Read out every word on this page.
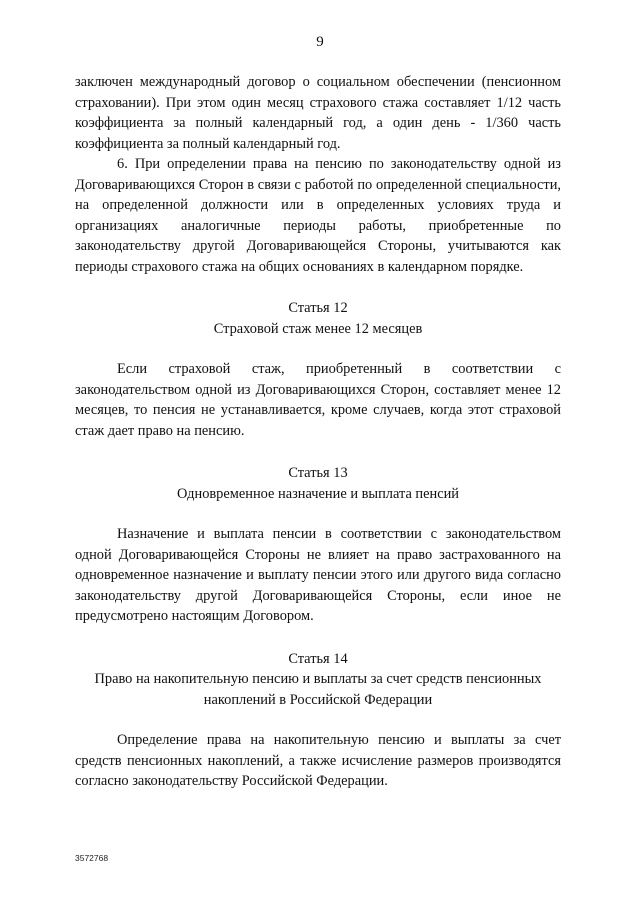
9

заключен международный договор о социальном обеспечении (пенсионном страховании). При этом один месяц страхового стажа составляет 1/12 часть коэффициента за полный календарный год, а один день - 1/360 часть коэффициента за полный календарный год.

6. При определении права на пенсию по законодательству одной из Договаривающихся Сторон в связи с работой по определенной специальности, на определенной должности или в определенных условиях труда и организациях аналогичные периоды работы, приобретенные по законодательству другой Договаривающейся Стороны, учитываются как периоды страхового стажа на общих основаниях в календарном порядке.

Статья 12

Страховой стаж менее 12 месяцев

Если страховой стаж, приобретенный в соответствии с законодательством одной из Договаривающихся Сторон, составляет менее 12 месяцев, то пенсия не устанавливается, кроме случаев, когда этот страховой стаж дает право на пенсию.

Статья 13

Одновременное назначение и выплата пенсий

Назначение и выплата пенсии в соответствии с законодательством одной Договаривающейся Стороны не влияет на право застрахованного на одновременное назначение и выплату пенсии этого или другого вида согласно законодательству другой Договаривающейся Стороны, если иное не предусмотрено настоящим Договором.

Статья 14

Право на накопительную пенсию и выплаты за счет средств пенсионных накоплений в Российской Федерации

Определение права на накопительную пенсию и выплаты за счет средств пенсионных накоплений, а также исчисление размеров производятся согласно законодательству Российской Федерации.

3572768
